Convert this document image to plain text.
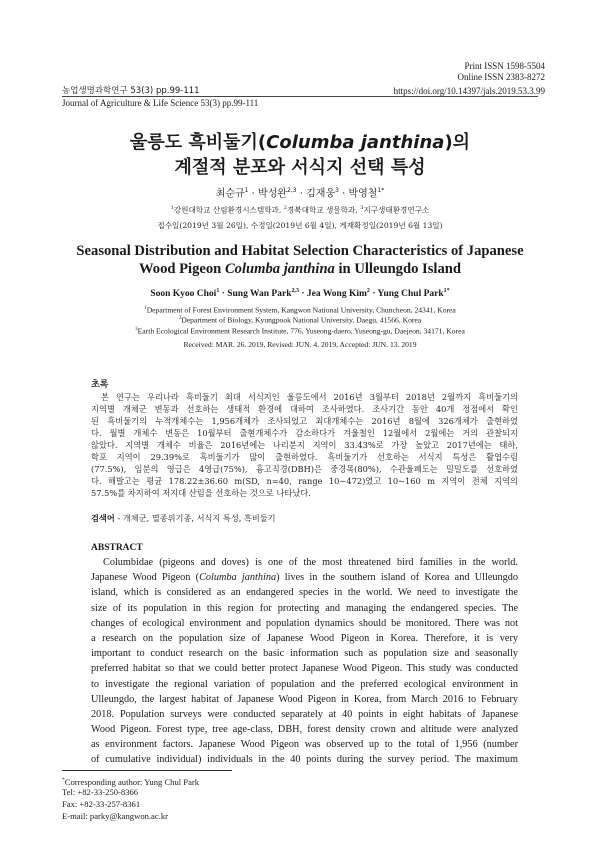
Print ISSN 1598-5504
Online ISSN 2383-8272
농업생명과학연구 53(3) pp.99-111	https://doi.org/10.14397/jals.2019.53.3.99
Journal of Agriculture & Life Science 53(3) pp.99-111
울릉도 흑비둘기(Columba janthina)의
계절적 분포와 서식지 선택 특성
최순규$^1$ · 박성완$^{2,3}$ · 김재웅$^3$ · 박영철$^{1*}$
$^1$강원대학교 산림환경시스템학과, $^2$경북대학교 생물학과, $^3$지구생태환경연구소
접수일(2019년 3월 26일), 수정일(2019년 6월 4일), 게재확정일(2019년 6월 13일)
Seasonal Distribution and Habitat Selection Characteristics of Japanese
Wood Pigeon Columba janthina in Ulleungdo Island
Soon Kyoo Choi$^1$ · Sung Wan Park$^{2,3}$ · Jea Wong Kim$^2$ · Yung Chul Park$^{1*}$
$^1$Department of Forest Environment System, Kangwon National University, Chuncheon, 24341, Korea
$^2$Department of Biology, Kyungpook National University, Daegu, 41566, Korea
$^3$Earth Ecological Environment Research Institute, 776, Yuseong-daero, Yuseong-gu, Daejeon, 34171, Korea
Received: MAR. 26. 2019, Revised: JUN. 4. 2019, Accepted: JUN. 13. 2019
초록
본 연구는 우리나라 흑비둘기 최대 서식지인 울릉도에서 2016년 3월부터 2018년 2월까지 흑비둘기의
지역별 개체군 변동과 선호하는 생태적 환경에 대하여 조사하였다. 조사기간 동안 40개 정점에서 확인
된 흑비둘기의 누적개체수는 1,956개체가 조사되었고 최대개체수는 2016년 8월에 326개체가 출현하였
다. 월별 개체수 변동은 10월부터 출현개체수가 감소하다가 겨울철인 12월에서 2월에는 거의 관찰되지
않았다. 지역별 개체수 비율은 2016년에는 나리분지 지역이 33.43%로 가장 높았고 2017년에는 태하,
학포 지역이 29.39%로 흑비둘기가 많이 출현하였다. 흑비둘기가 선호하는 서식지 특성은 활엽수림
(77.5%), 임분의 영급은 4영급(75%), 흉고직경(DBH)은 중경목(80%), 수관울폐도는 밀밀도를 선호하였
다. 해발고는 평균 178.22±36.60 m(SD, n=40, range 10∼472)였고 10∼160 m 지역이 전체 지역의
57.5%를 차지하여 저지대 산림을 선호하는 것으로 나타났다.
검색어 - 개체군, 멸종위기종, 서식지 특성, 흑비둘기
ABSTRACT
Columbidae (pigeons and doves) is one of the most threatened bird families in the world.
Japanese Wood Pigeon (Columba janthina) lives in the southern island of Korea and Ulleungdo
island, which is considered as an endangered species in the world. We need to investigate the
size of its population in this region for protecting and managing the endangered species. The
changes of ecological environment and population dynamics should be monitored. There was not
a research on the population size of Japanese Wood Pigeon in Korea. Therefore, it is very
important to conduct research on the basic information such as population size and seasonally
preferred habitat so that we could better protect Japanese Wood Pigeon. This study was conducted
to investigate the regional variation of population and the preferred ecological environment in
Ulleungdo, the largest habitat of Japanese Wood Pigeon in Korea, from March 2016 to February
2018. Population surveys were conducted separately at 40 points in eight habitats of Japanese
Wood Pigeon. Forest type, tree age-class, DBH, forest density crown and altitude were analyzed
as environment factors. Japanese Wood Pigeon was observed up to the total of 1,956 (number
of cumulative individual) individuals in the 40 points during the survey period. The maximum
*Corresponding author: Yung Chul Park
Tel: +82-33-250-8366
Fax: +82-33-257-8361
E-mail: parky@kangwon.ac.kr
